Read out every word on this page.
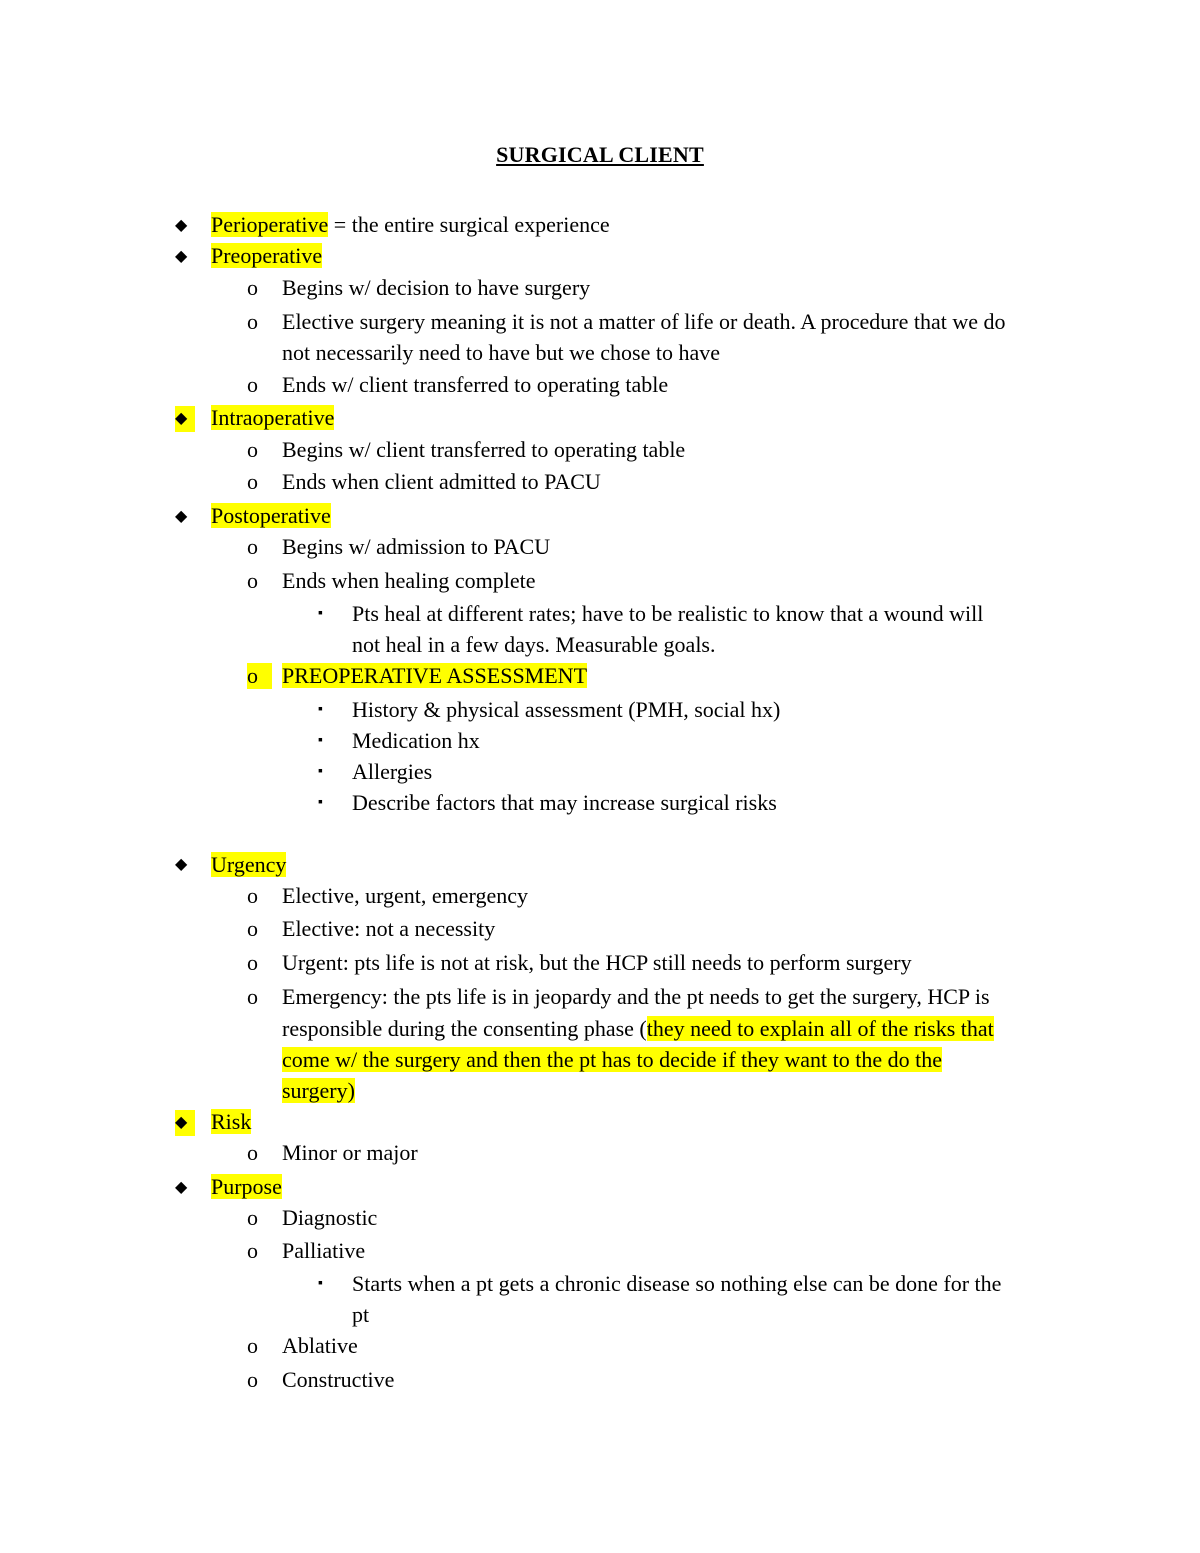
SURGICAL CLIENT
◆ Perioperative = the entire surgical experience
◆ Preoperative
o Begins w/ decision to have surgery
o Elective surgery meaning it is not a matter of life or death. A procedure that we do
not necessarily need to have but we chose to have
o Ends w/ client transferred to operating table
◆	Intraoperative
o Begins w/ client transferred to operating table
o Ends when client admitted to PACU
◆ Postoperative
o Begins w/ admission to PACU
o Ends when healing complete
▪ Pts heal at different rates; have to be realistic to know that a wound will
not heal in a few days. Measurable goals.
o	PREOPERATIVE ASSESSMENT
▪ History & physical assessment (PMH, social hx)
▪ Medication hx
▪ Allergies
▪ Describe factors that may increase surgical risks
◆ Urgency
o Elective, urgent, emergency
o Elective: not a necessity
o Urgent: pts life is not at risk, but the HCP still needs to perform surgery
o Emergency: the pts life is in jeopardy and the pt needs to get the surgery, HCP is
responsible during the consenting phase (they need to explain all of the risks that
come w/ the surgery and then the pt has to decide if they want to the do the
surgery)
◆	Risk
o Minor or major
◆ Purpose
o Diagnostic
o Palliative
▪ Starts when a pt gets a chronic disease so nothing else can be done for the
pt
o Ablative
o Constructive
